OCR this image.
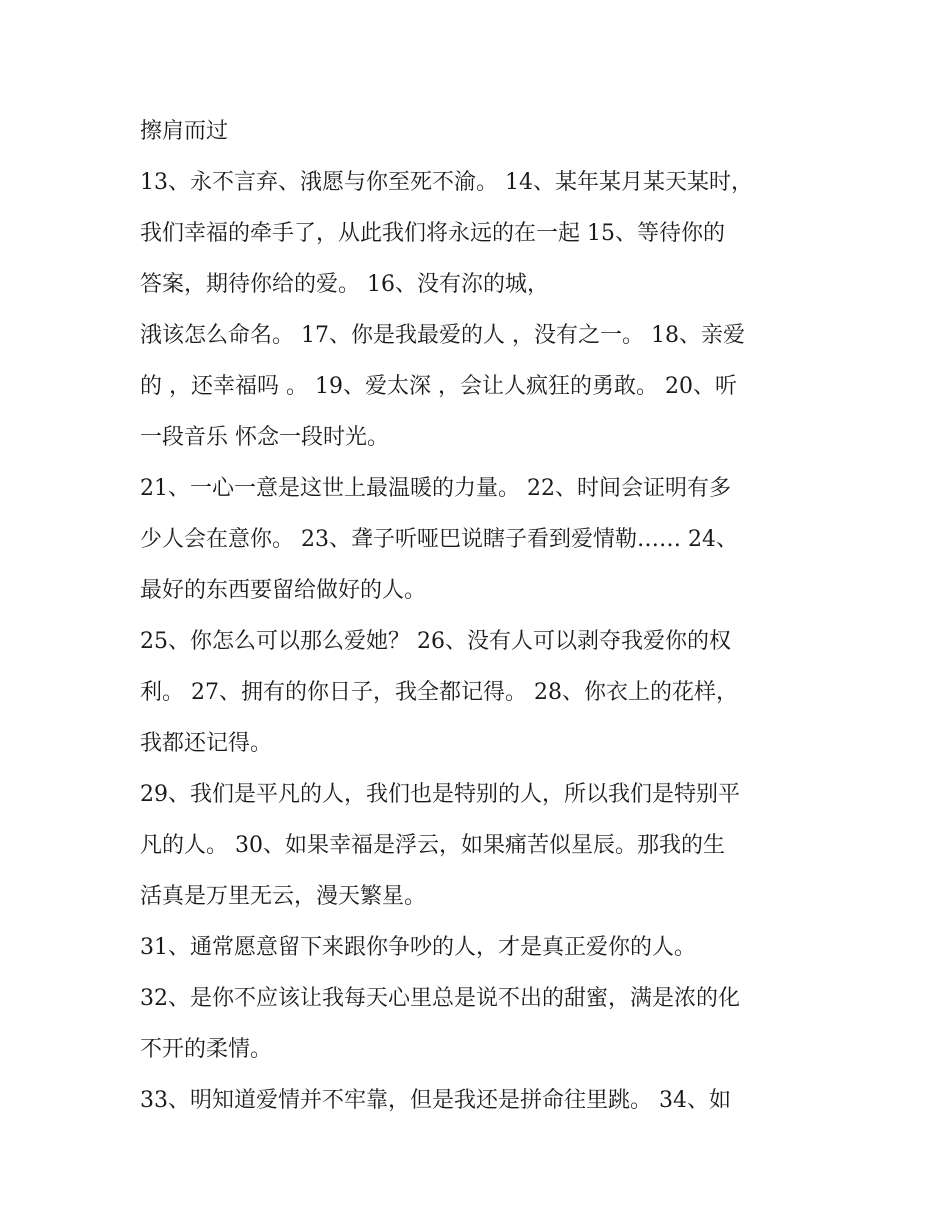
擦肩而过
13、永不言弃、涐愿与你至死不渝。 14、某年某月某天某时，
我们幸福的牵手了，从此我们将永远的在一起 15、等待你的
答案，期待你给的爱。 16、没有沵的城，
涐该怎么命名。 17、你是我最爱的人 ，没有之一。 18、亲爱
的 ，还幸福吗 。 19、爱太深 ，会让人疯狂的勇敢。 20、听
一段音乐 怀念一段时光。
21、一心一意是这世上最温暖的力量。 22、时间会证明有多
少人会在意你。 23、聋子听哑巴说瞎子看到爱情勒…… 24、
最好的东西要留给做好的人。
25、你怎么可以那么爱她？ 26、没有人可以剥夺我爱你的权
利。 27、拥有的你日子，我全都记得。 28、你衣上的花样，
我都还记得。
29、我们是平凡的人，我们也是特别的人，所以我们是特别平
凡的人。 30、如果幸福是浮云，如果痛苦似星辰。那我的生
活真是万里无云，漫天繁星。
31、通常愿意留下来跟你争吵的人，才是真正爱你的人。
32、是你不应该让我每天心里总是说不出的甜蜜，满是浓的化
不开的柔情。
33、明知道爱情并不牢靠，但是我还是拼命往里跳。 34、如
